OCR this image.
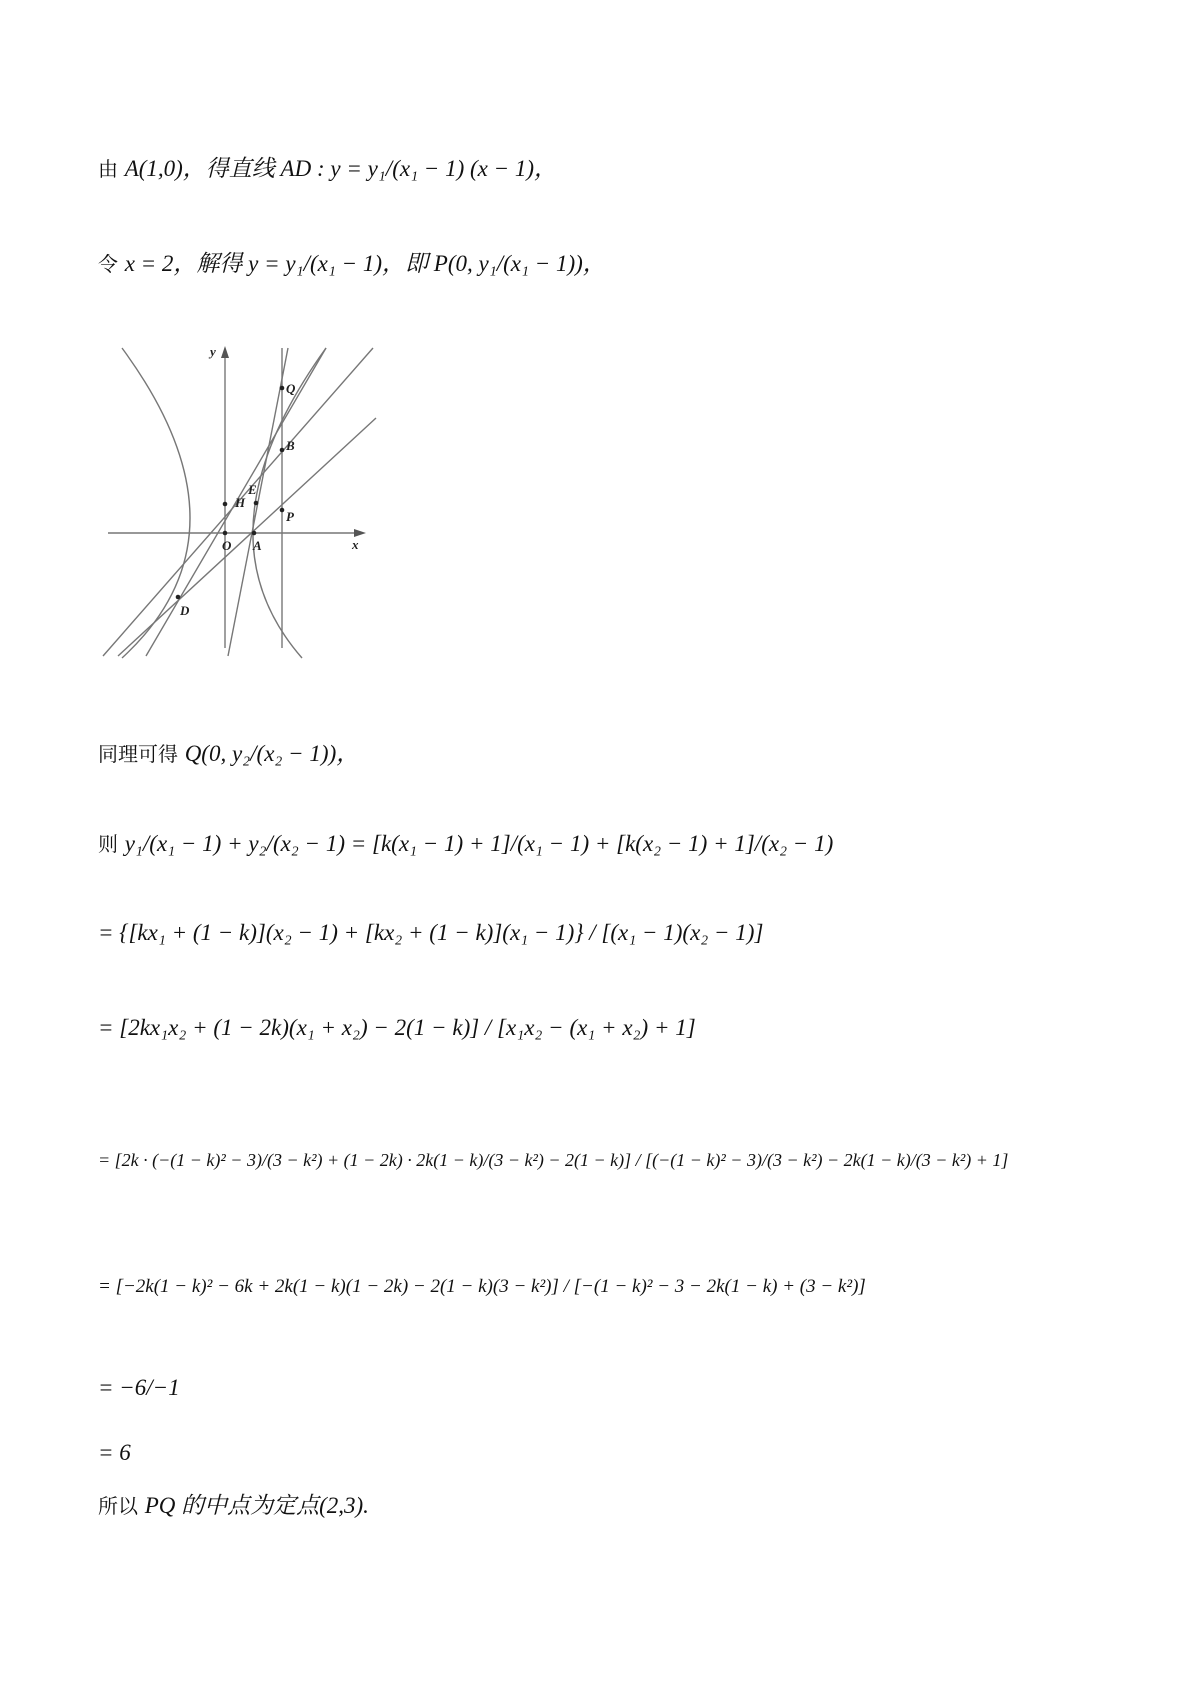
由 A(1,0)，得直线 AD : y = y₁/(x₁ − 1) (x − 1)，
令 x = 2，解得 y = y₁/(x₁ − 1)，即 P(0, y₁/(x₁ − 1))，
y
x
O A
D
H
E
B
P
Q
同理可得 Q(0, y₂/(x₂ − 1))，
则 y₁/(x₁ − 1) + y₂/(x₂ − 1) = [k(x₁ − 1) + 1]/(x₁ − 1) + [k(x₂ − 1) + 1]/(x₂ − 1)
= {[kx₁ + (1 − k)](x₂ − 1) + [kx₂ + (1 − k)](x₁ − 1)} / [(x₁ − 1)(x₂ − 1)]
= [2kx₁x₂ + (1 − 2k)(x₁ + x₂) − 2(1 − k)] / [x₁x₂ − (x₁ + x₂) + 1]
= [2k · (−(1 − k)² − 3)/(3 − k²) + (1 − 2k) · 2k(1 − k)/(3 − k²) − 2(1 − k)] / [(−(1 − k)² − 3)/(3 − k²) − 2k(1 − k)/(3 − k²) + 1]
= [−2k(1 − k)² − 6k + 2k(1 − k)(1 − 2k) − 2(1 − k)(3 − k²)] / [−(1 − k)² − 3 − 2k(1 − k) + (3 − k²)]
= −6/−1
= 6
所以 PQ 的中点为定点(2,3).
